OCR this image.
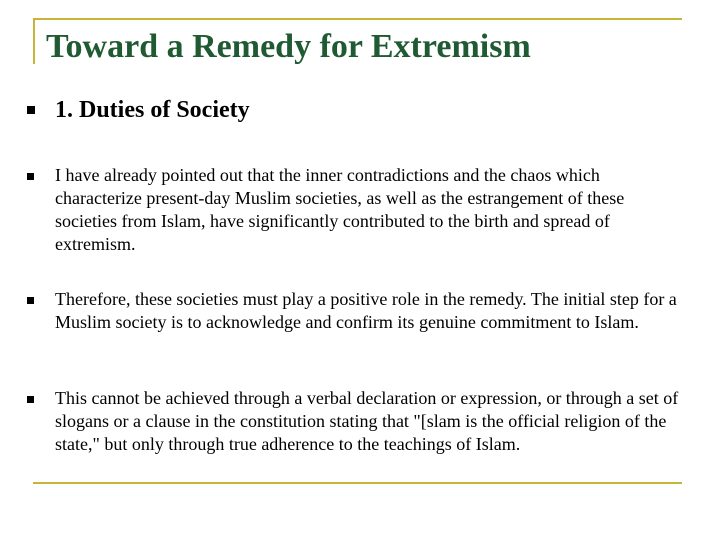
Toward a Remedy for Extremism
1. Duties of Society
I have already pointed out that the inner contradictions and the chaos which characterize present-day Muslim societies, as well as the estrangement of these societies from Islam, have significantly contributed to the birth and spread of extremism.
Therefore, these societies must play a positive role in the remedy. The initial step for a Muslim society is to acknowledge and confirm its genuine commitment to Islam.
This cannot be achieved through a verbal declaration or expression, or through a set of slogans or a clause in the constitution stating that "[slam is the official religion of the state," but only through true adherence to the teachings of Islam.
